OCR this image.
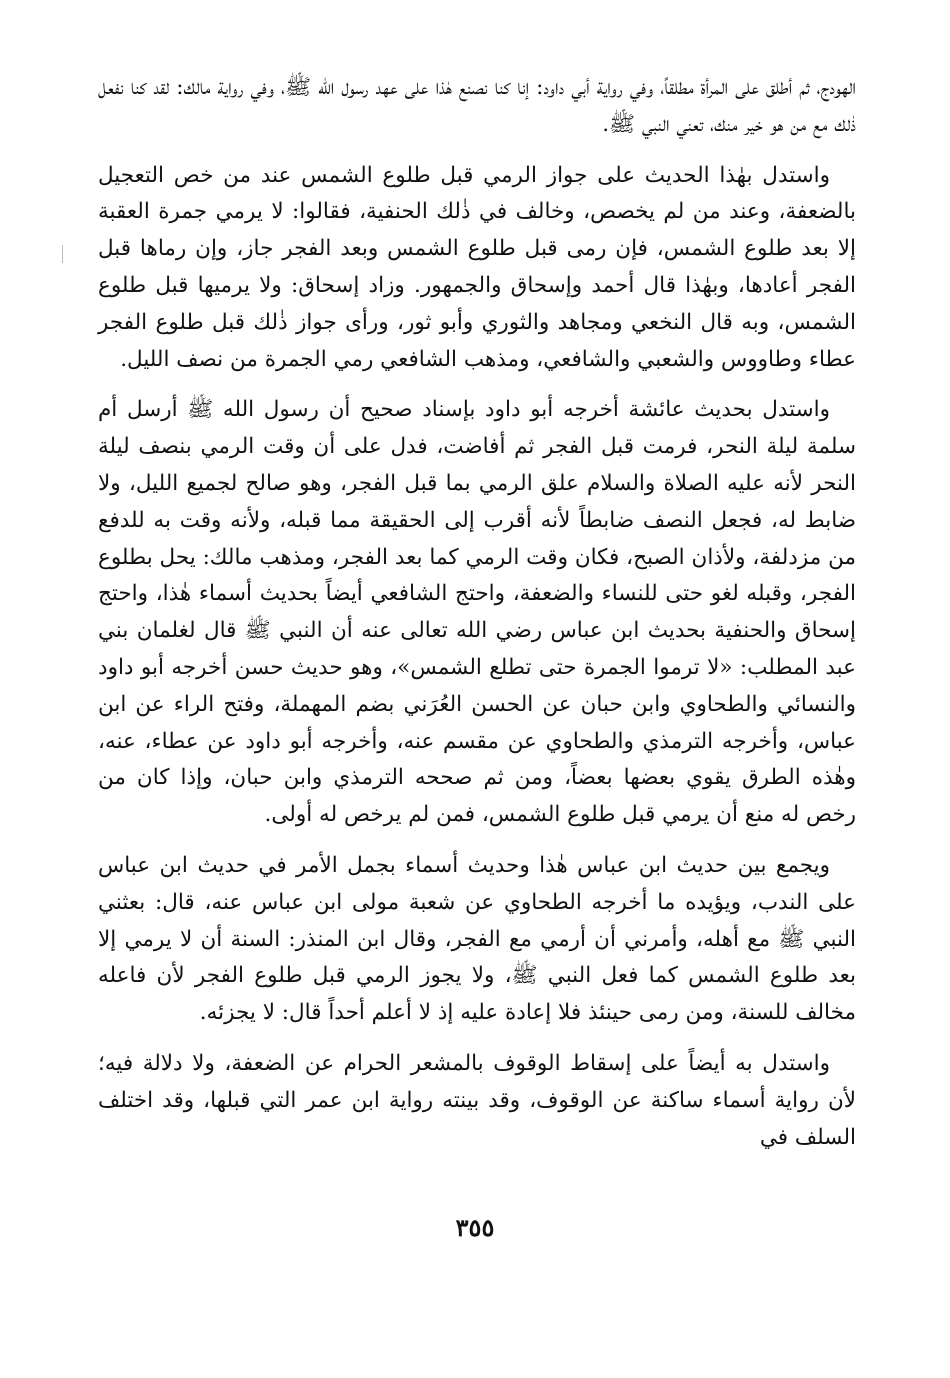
الهودج، ثم أطلق على المرأة مطلقاً، وفي رواية أبي داود: إنا كنا نصنع هٰذا على عهد رسول الله ﷺ، وفي رواية مالك: لقد كنا نفعل ذٰلك مع من هو خير منك، تعني النبي ﷺ.

واستدل بهٰذا الحديث على جواز الرمي قبل طلوع الشمس عند من خص التعجيل بالضعفة، وعند من لم يخصص، وخالف في ذٰلك الحنفية، فقالوا: لا يرمي جمرة العقبة إلا بعد طلوع الشمس، فإن رمى قبل طلوع الشمس وبعد الفجر جاز، وإن رماها قبل الفجر أعادها، وبهٰذا قال أحمد وإسحاق والجمهور. وزاد إسحاق: ولا يرميها قبل طلوع الشمس، وبه قال النخعي ومجاهد والثوري وأبو ثور، ورأى جواز ذٰلك قبل طلوع الفجر عطاء وطاووس والشعبي والشافعي، ومذهب الشافعي رمي الجمرة من نصف الليل.

واستدل بحديث عائشة أخرجه أبو داود بإسناد صحيح أن رسول الله ﷺ أرسل أم سلمة ليلة النحر، فرمت قبل الفجر ثم أفاضت، فدل على أن وقت الرمي بنصف ليلة النحر لأنه عليه الصلاة والسلام علق الرمي بما قبل الفجر، وهو صالح لجميع الليل، ولا ضابط له، فجعل النصف ضابطاً لأنه أقرب إلى الحقيقة مما قبله، ولأنه وقت به للدفع من مزدلفة، ولأذان الصبح، فكان وقت الرمي كما بعد الفجر، ومذهب مالك: يحل بطلوع الفجر، وقبله لغو حتى للنساء والضعفة، واحتج الشافعي أيضاً بحديث أسماء هٰذا، واحتج إسحاق والحنفية بحديث ابن عباس رضي الله تعالى عنه أن النبي ﷺ قال لغلمان بني عبد المطلب: «لا ترموا الجمرة حتى تطلع الشمس»، وهو حديث حسن أخرجه أبو داود والنسائي والطحاوي وابن حبان عن الحسن العُرَني بضم المهملة، وفتح الراء عن ابن عباس، وأخرجه الترمذي والطحاوي عن مقسم عنه، وأخرجه أبو داود عن عطاء، عنه، وهٰذه الطرق يقوي بعضها بعضاً، ومن ثم صححه الترمذي وابن حبان، وإذا كان من رخص له منع أن يرمي قبل طلوع الشمس، فمن لم يرخص له أولى.

ويجمع بين حديث ابن عباس هٰذا وحديث أسماء بجمل الأمر في حديث ابن عباس على الندب، ويؤيده ما أخرجه الطحاوي عن شعبة مولى ابن عباس عنه، قال: بعثني النبي ﷺ مع أهله، وأمرني أن أرمي مع الفجر، وقال ابن المنذر: السنة أن لا يرمي إلا بعد طلوع الشمس كما فعل النبي ﷺ، ولا يجوز الرمي قبل طلوع الفجر لأن فاعله مخالف للسنة، ومن رمى حينئذ فلا إعادة عليه إذ لا أعلم أحداً قال: لا يجزئه.

واستدل به أيضاً على إسقاط الوقوف بالمشعر الحرام عن الضعفة، ولا دلالة فيه؛ لأن رواية أسماء ساكنة عن الوقوف، وقد بينته رواية ابن عمر التي قبلها، وقد اختلف السلف في

٣٥٥
